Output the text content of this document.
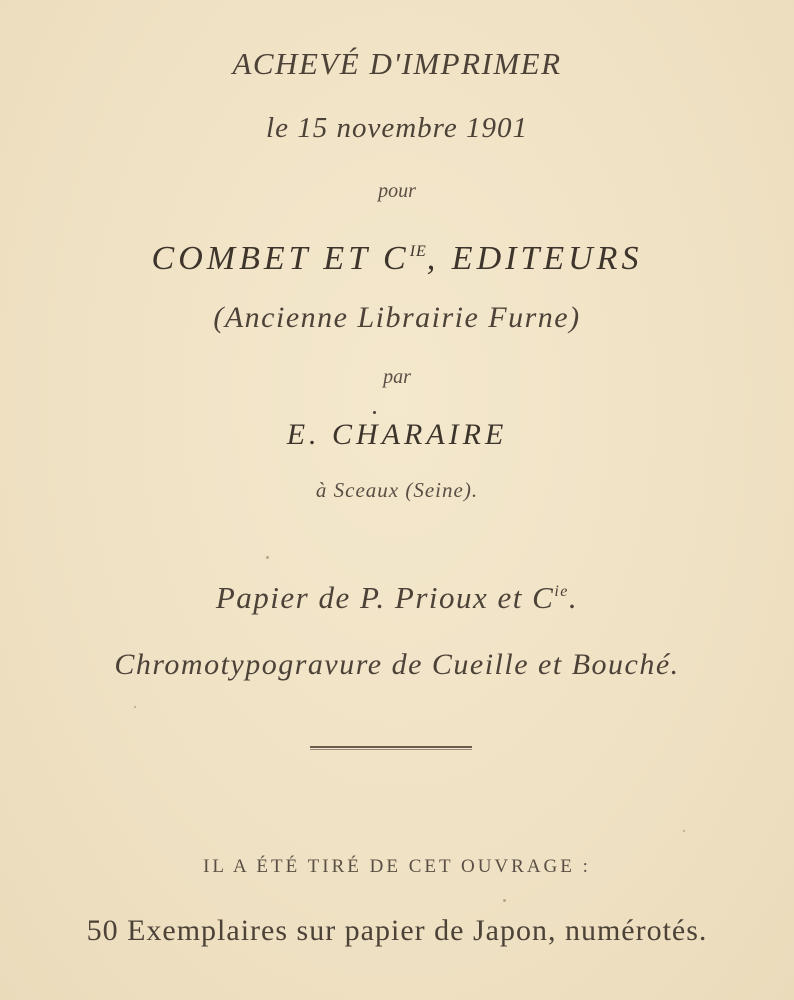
ACHEVÉ D'IMPRIMER
le 15 novembre 1901
pour
COMBET ET $C^{IE}$, EDITEURS
(Ancienne Librairie Furne)
par
E. CHARAIRE
à Sceaux (Seine).
Papier de P. Prioux et $C^{ie}$.
Chromotypogravure de Cueille et Bouché.
IL A ÉTÉ TIRÉ DE CET OUVRAGE :
50 Exemplaires sur papier de Japon, numérotés.
